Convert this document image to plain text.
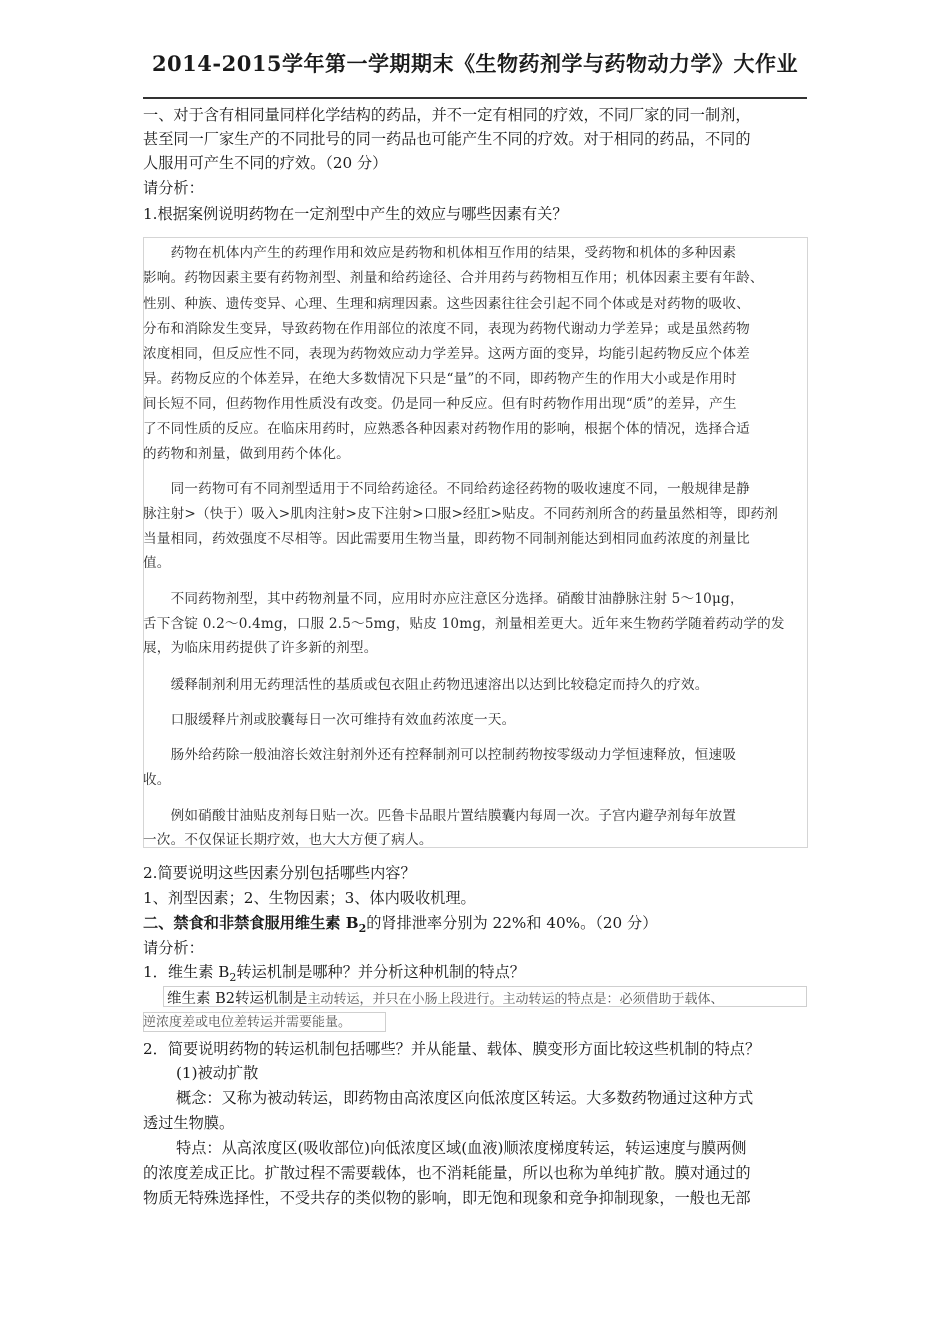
2014-2015学年第一学期期末《生物药剂学与药物动力学》大作业

一、对于含有相同量同样化学结构的药品，并不一定有相同的疗效，不同厂家的同一制剂，

甚至同一厂家生产的不同批号的同一药品也可能产生不同的疗效。对于相同的药品，不同的

人服用可产生不同的疗效。（20 分）

请分析：

1.根据案例说明药物在一定剂型中产生的效应与哪些因素有关？

　　药物在机体内产生的药理作用和效应是药物和机体相互作用的结果，受药物和机体的多种因素

影响。药物因素主要有药物剂型、剂量和给药途径、合并用药与药物相互作用；机体因素主要有年龄、

性别、种族、遗传变异、心理、生理和病理因素。这些因素往往会引起不同个体或是对药物的吸收、

分布和消除发生变异，导致药物在作用部位的浓度不同，表现为药物代谢动力学差异；或是虽然药物

浓度相同，但反应性不同，表现为药物效应动力学差异。这两方面的变异，均能引起药物反应个体差

异。药物反应的个体差异，在绝大多数情况下只是“量”的不同，即药物产生的作用大小或是作用时

间长短不同，但药物作用性质没有改变。仍是同一种反应。但有时药物作用出现“质”的差异，产生

了不同性质的反应。在临床用药时，应熟悉各种因素对药物作用的影响，根据个体的情况，选择合适

的药物和剂量，做到用药个体化。

　　同一药物可有不同剂型适用于不同给药途径。不同给药途径药物的吸收速度不同，一般规律是静

脉注射>（快于）吸入>肌肉注射>皮下注射>口服>经肛>贴皮。不同药剂所含的药量虽然相等，即药剂

当量相同，药效强度不尽相等。因此需要用生物当量，即药物不同制剂能达到相同血药浓度的剂量比

值。

　　不同药物剂型，其中药物剂量不同，应用时亦应注意区分选择。硝酸甘油静脉注射 5～10μg，

舌下含锭 0.2～0.4mg，口服 2.5～5mg，贴皮 10mg，剂量相差更大。近年来生物药学随着药动学的发

展，为临床用药提供了许多新的剂型。

　　缓释制剂利用无药理活性的基质或包衣阻止药物迅速溶出以达到比较稳定而持久的疗效。

　　口服缓释片剂或胶囊每日一次可维持有效血药浓度一天。

　　肠外给药除一般油溶长效注射剂外还有控释制剂可以控制药物按零级动力学恒速释放，恒速吸

收。

　　例如硝酸甘油贴皮剂每日贴一次。匹鲁卡品眼片置结膜囊内每周一次。子宫内避孕剂每年放置

一次。不仅保证长期疗效，也大大方便了病人。

2.简要说明这些因素分别包括哪些内容？

1、剂型因素；2、生物因素；3、体内吸收机理。

二、禁食和非禁食服用维生素 $B_2$的肾排泄率分别为 22%和 40%。（20 分）

请分析：

1．维生素 $B_2$转运机制是哪种？并分析这种机制的特点？

维生素 B2转运机制是主动转运，并只在小肠上段进行。主动转运的特点是：必须借助于载体、

逆浓度差或电位差转运并需要能量。

2．简要说明药物的转运机制包括哪些？并从能量、载体、膜变形方面比较这些机制的特点？

(1)被动扩散

概念：又称为被动转运，即药物由高浓度区向低浓度区转运。大多数药物通过这种方式

透过生物膜。

特点：从高浓度区(吸收部位)向低浓度区域(血液)顺浓度梯度转运，转运速度与膜两侧

的浓度差成正比。扩散过程不需要载体，也不消耗能量，所以也称为单纯扩散。膜对通过的

物质无特殊选择性，不受共存的类似物的影响，即无饱和现象和竞争抑制现象，一般也无部
